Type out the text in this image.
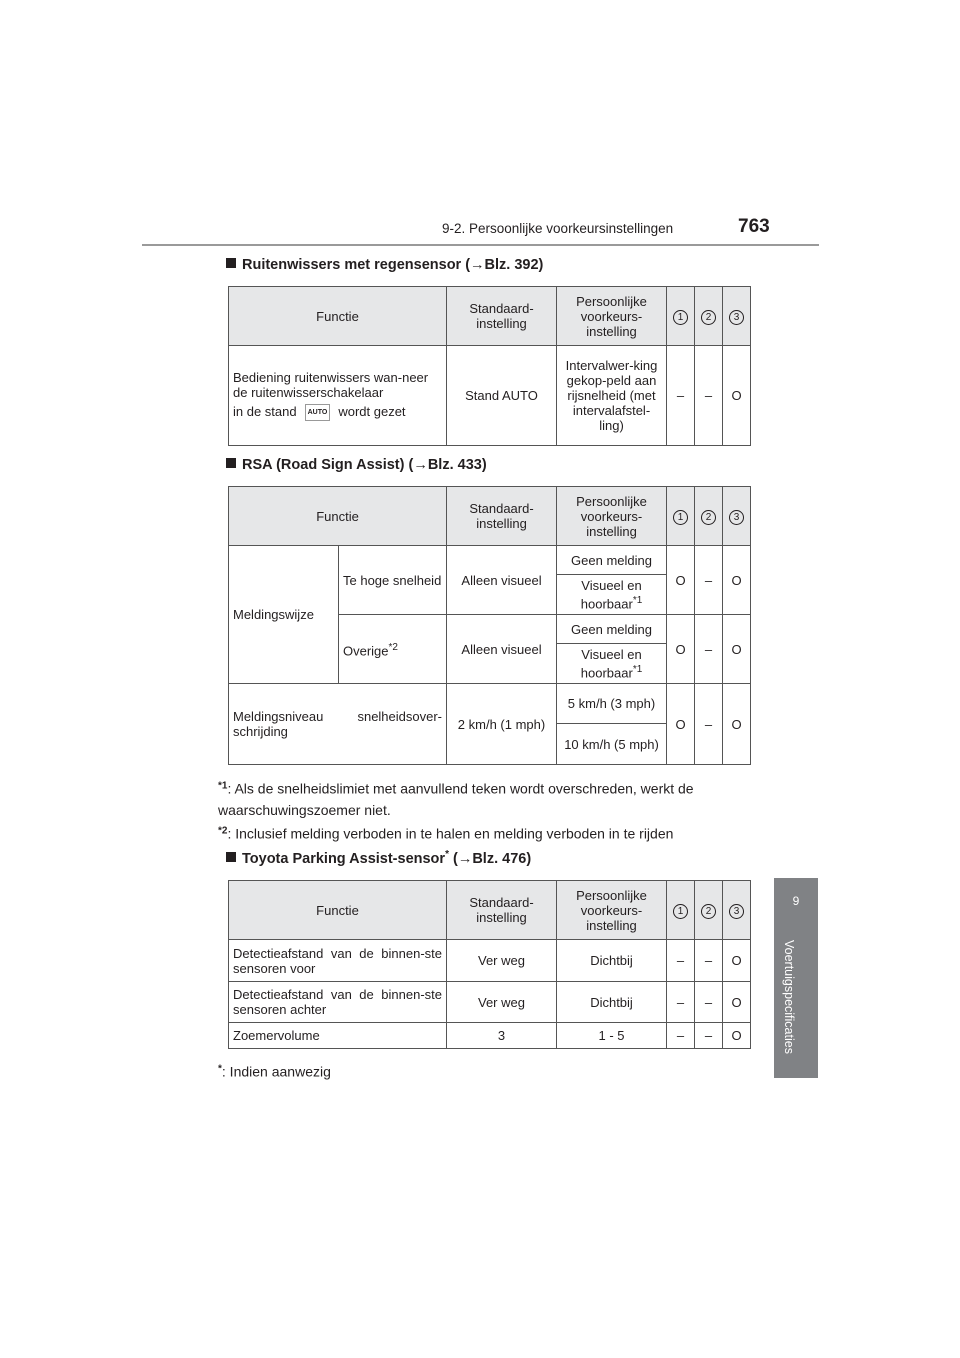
9-2. Persoonlijke voorkeursinstellingen	763
9
Voertuigspecificaties
Ruitenwissers met regensensor (→Blz. 392)
Functie	Standaard-instelling	Persoonlijke voorkeurs-instelling	1	2	3

Bediening ruitenwissers wan-neer de ruitenwisserschakelaar
in de stand AUTO wordt gezet	Stand AUTO	Intervalwer-king gekop-peld aan rijsnelheid (met intervalafstel-ling)	–	–	O
RSA (Road Sign Assist) (→Blz. 433)
Functie		Standaard-instelling	Persoonlijke voorkeurs-instelling	1	2	3
Meldingswijze	Te hoge snelheid	Alleen visueel	Geen melding	O	–	O
			Visueel en hoorbaar$^{*1}$
	Overige$^{*2}$	Alleen visueel	Geen melding	O	–	O
			Visueel en hoorbaar$^{*1}$
Meldingsniveau snelheidsover-schrijding		2 km/h (1 mph)	5 km/h (3 mph)	O	–	O
			10 km/h (5 mph)			
$^{*1}$: Als de snelheidslimiet met aanvullend teken wordt overschreden, werkt de waarschuwingszoemer niet.
$^{*2}$: Inclusief melding verboden in te halen en melding verboden in te rijden
Toyota Parking Assist-sensor* (→Blz. 476)
Functie	Standaard-instelling	Persoonlijke voorkeurs-instelling	1	2	3
Detectieafstand van de binnen-ste sensoren voor	Ver weg	Dichtbij	–	–	O
Detectieafstand van de binnen-ste sensoren achter	Ver weg	Dichtbij	–	–	O
Zoemervolume	3	1 - 5	–	–	O
*: Indien aanwezig
